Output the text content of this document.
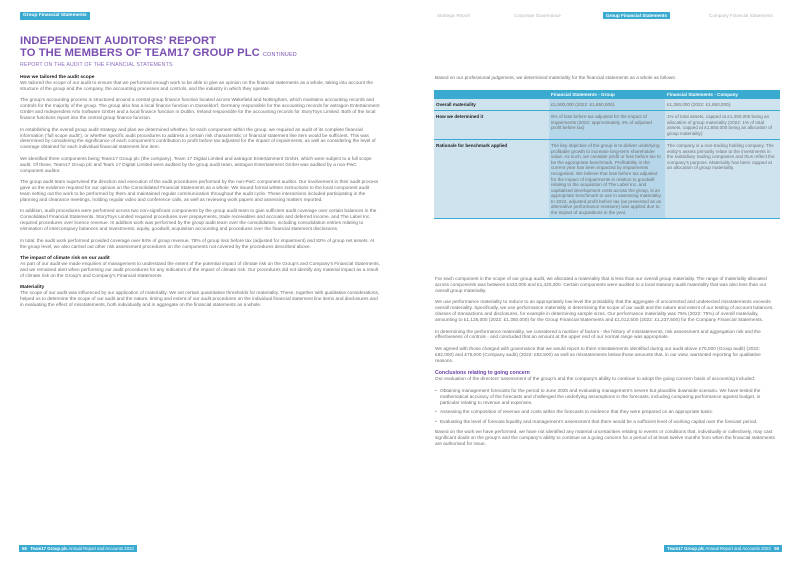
Group Financial Statements
INDEPENDENT AUDITORS’ REPORT
TO THE MEMBERS OF TEAM17 GROUP PLC CONTINUED
REPORT ON THE AUDIT OF THE FINANCIAL STATEMENTS
How we tailored the audit scope

We tailored the scope of our audit to ensure that we performed enough work to be able to give an opinion on the financial statements as a whole, taking into account the structure of the group and the company, the accounting processes and controls, and the industry in which they operate.

The group’s accounting process is structured around a central group finance function located across Wakefield and Nottingham, which maintains accounting records and controls for the majority of the group. The group also has a local finance function in Dusseldorf, Germany responsible for the accounting records for astragon Entertainment GmbH and Independent Arts Software GmbH and a local finance function in Dublin, Ireland responsible for the accounting records for StoryToys Limited. Both of the local finance functions report into the central group finance function.

In establishing the overall group audit strategy and plan we determined whether, for each component within the group, we required an audit of its complete financial information (‘full scope audit’), or whether specific audit procedures to address a certain risk characteristic or financial statement line item would be sufficient. This was determined by considering the significance of each component’s contribution to profit before tax adjusted for the impact of impairments, as well as considering the level of coverage obtained for each individual financial statement line item.

We identified three components being Team17 Group plc (the company), Team 17 Digital Limited and astragon Entertainment GmbH, which were subject to a full scope audit. Of these, Team17 Group plc and Team 17 Digital Limited were audited by the group audit team, astragon Entertainment GmbH was audited by a non-PwC component auditor.

The group audit team supervised the direction and execution of the audit procedures performed by the non-PwC component auditor. Our involvement in their audit process gave us the evidence required for our opinion on the Consolidated Financial Statements as a whole. We issued formal written instructions to the local component audit team setting out the work to be performed by them and maintained regular communication throughout the audit cycle. These interactions included participating in the planning and clearance meetings, holding regular video and conference calls, as well as reviewing work papers and assessing matters reported.

In addition, audit procedures were performed across two non-significant components by the group audit team to gain sufficient audit coverage over certain balances in the Consolidated Financial Statements. StoryToys Limited required procedures over prepayments, trade receivables and accruals and deferred income, and The Label Inc. required procedures over licence revenue. In addition work was performed by the group audit team over the consolidation, including consolidation entries relating to elimination of intercompany balances and investments, equity, goodwill, acquisition accounting and procedures over the financial statement disclosures.

In total, the audit work performed provided coverage over 84% of group revenue, 78% of group loss before tax (adjusted for impairment) and 82% of group net assets. At the group level, we also carried out other risk assessment procedures on the components not covered by the procedures described above.

The impact of climate risk on our audit

As part of our audit we made enquiries of management to understand the extent of the potential impact of climate risk on the Group’s and Company’s Financial Statements, and we remained alert when performing our audit procedures for any indicators of the impact of climate risk. Our procedures did not identify any material impact as a result of climate risk on the Group’s and Company’s Financial Statements.

Materiality

The scope of our audit was influenced by our application of materiality. We set certain quantitative thresholds for materiality. These, together with qualitative considerations, helped us to determine the scope of our audit and the nature, timing and extent of our audit procedures on the individual financial statement line items and disclosures and in evaluating the effect of misstatements, both individually and in aggregate on the financial statements as a whole.

58 Team17 Group plc Annual Report and Accounts 2023
Strategic Report	Corporate Governance	Group Financial Statements	Company Financial Statements

Based on our professional judgement, we determined materiality for the financial statements as a whole as follows:

	Financial Statements - Group	Financial Statements - Company
Overall materiality	£1,500,000 (2022: £1,850,000).	£1,350,000 (2022: £1,650,000).
How we determined it	5% of loss before tax adjusted for the impact of impairments (2022: approximately 4% of adjusted profit before tax)	1% of total assets, capped at £1,350,000 being an allocation of group materiality (2022: 1% of total assets, capped at £1,650,000 being an allocation of group materiality)
Rationale for benchmark applied	The key objective of the group is to deliver underlying profitable growth to increase long-term shareholder value. As such, we consider profit or loss before tax to be the appropriate benchmark. Profitability in the current year has been impacted by impairments recognised. We believe that loss before tax adjusted for the impact of impairments in relation to goodwill relating to the acquisition of The Label Inc. and capitalised development costs across the group, is an appropriate benchmark to use in assessing materiality. In 2022, adjusted profit before tax (as presented as an alternative performance measure) was applied due to the impact of acquisitions in the year.	The company is a non-trading holding company. The entity’s assets primarily relate to the investments in the subsidiary trading companies and thus reflect the company’s purpose. Materiality has been capped at an allocation of group materiality.

For each component in the scope of our group audit, we allocated a materiality that is less than our overall group materiality. The range of materiality allocated across components was between £433,000 and £1,425,000. Certain components were audited to a local statutory audit materiality that was also less than our overall group materiality.

We use performance materiality to reduce to an appropriately low level the probability that the aggregate of uncorrected and undetected misstatements exceeds overall materiality. Specifically, we use performance materiality in determining the scope of our audit and the nature and extent of our testing of account balances, classes of transactions and disclosures, for example in determining sample sizes. Our performance materiality was 75% (2022: 75%) of overall materiality, amounting to £1,125,000 (2022: £1,350,000) for the Group Financial Statements and £1,012,500 (2022: £1,237,500) for the Company Financial Statements.

In determining the performance materiality, we considered a number of factors - the history of misstatements, risk assessment and aggregation risk and the effectiveness of controls - and concluded that an amount at the upper end of our normal range was appropriate.

We agreed with those charged with governance that we would report to them misstatements identified during our audit above £75,000 (Group audit) (2022: £92,000) and £75,000 (Company audit) (2022: £82,500) as well as misstatements below those amounts that, in our view, warranted reporting for qualitative reasons.

Conclusions relating to going concern

Our evaluation of the directors’ assessment of the group’s and the company’s ability to continue to adopt the going concern basis of accounting included:

• Obtaining management forecasts for the period to June 2025 and evaluating management’s severe but plausible downside scenario. We have tested the mathematical accuracy of the forecasts and challenged the underlying assumptions in the forecasts, including comparing performance against budget, in particular relating to revenue and expenses.
• Assessing the composition of revenue and costs within the forecasts to evidence that they were prepared on an appropriate basis.
• Evaluating the level of forecast liquidity and management’s assessment that there would be a sufficient level of working capital over the forecast period.

Based on the work we have performed, we have not identified any material uncertainties relating to events or conditions that, individually or collectively, may cast significant doubt on the group’s and the company’s ability to continue as a going concern for a period of at least twelve months from when the financial statements are authorised for issue.

Team17 Group plc Annual Report and Accounts 2023 59
